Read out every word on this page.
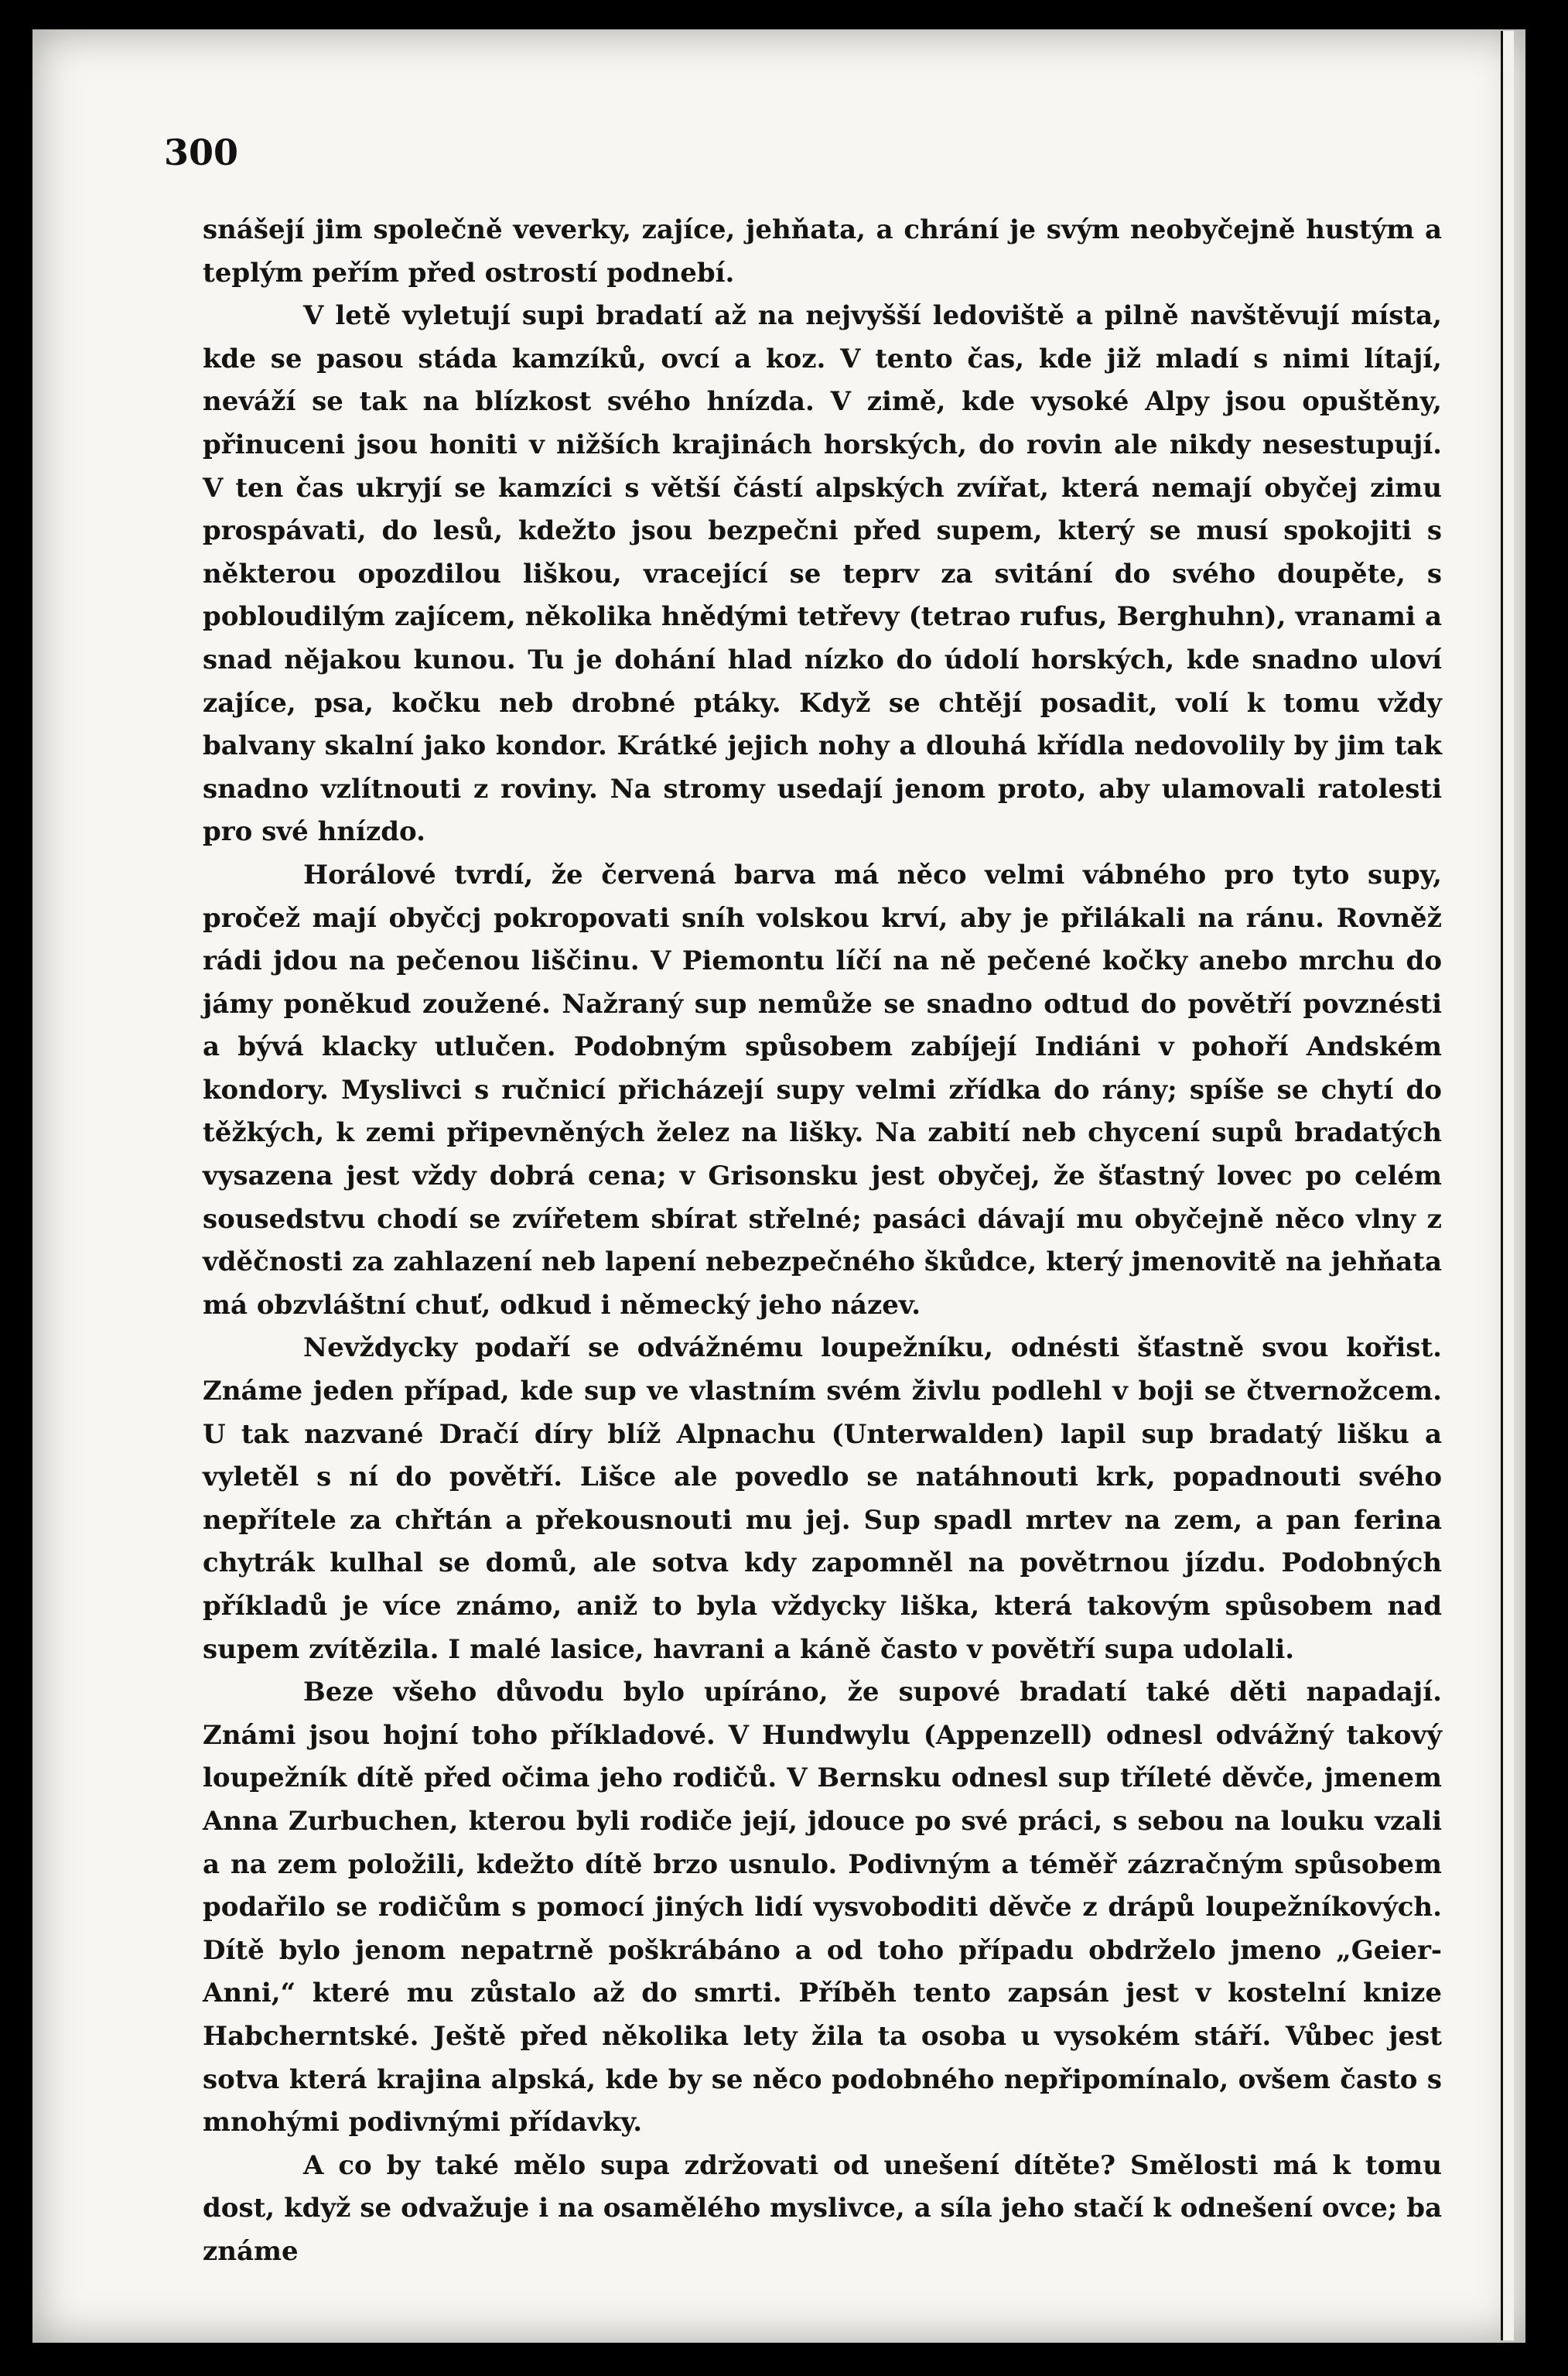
300

snášejí jim společně veverky, zajíce, jehňata, a chrání je svým neobyčejně hustým a teplým peřím před ostrostí podnebí.

V letě vyletují supi bradatí až na nejvyšší ledoviště a pilně navštěvují místa, kde se pasou stáda kamzíků, ovcí a koz. V tento čas, kde již mladí s nimi lítají, neváží se tak na blízkost svého hnízda. V zimě, kde vysoké Alpy jsou opuštěny, přinuceni jsou honiti v nižších krajinách horských, do rovin ale nikdy nesestupují. V ten čas ukryjí se kamzíci s větší částí alpských zvířat, která nemají obyčej zimu prospávati, do lesů, kdežto jsou bezpečni před supem, který se musí spokojiti s některou opozdilou liškou, vracející se teprv za svitání do svého doupěte, s pobloudilým zajícem, několika hnědými tetřevy (tetrao rufus, Berghuhn), vranami a snad nějakou kunou. Tu je dohání hlad nízko do údolí horských, kde snadno uloví zajíce, psa, kočku neb drobné ptáky. Když se chtějí posadit, volí k tomu vždy balvany skalní jako kondor. Krátké jejich nohy a dlouhá křídla nedovolily by jim tak snadno vzlítnouti z roviny. Na stromy usedají jenom proto, aby ulamovali ratolesti pro své hnízdo.

Horálové tvrdí, že červená barva má něco velmi vábného pro tyto supy, pročež mají obyčcj pokropovati sníh volskou krví, aby je přilákali na ránu. Rovněž rádi jdou na pečenou liščinu. V Piemontu líčí na ně pečené kočky anebo mrchu do jámy poněkud zoužené. Nažraný sup nemůže se snadno odtud do povětří povznésti a bývá klacky utlučen. Podobným spůsobem zabíjejí Indiáni v pohoří Andském kondory. Myslivci s ručnicí přicházejí supy velmi zřídka do rány; spíše se chytí do těžkých, k zemi připevněných želez na lišky. Na zabití neb chycení supů bradatých vysazena jest vždy dobrá cena; v Grisonsku jest obyčej, že šťastný lovec po celém sousedstvu chodí se zvířetem sbírat střelné; pasáci dávají mu obyčejně něco vlny z vděčnosti za zahlazení neb lapení nebezpečného škůdce, který jmenovitě na jehňata má obzvláštní chuť, odkud i německý jeho název.

Nevždycky podaří se odvážnému loupežníku, odnésti šťastně svou kořist. Známe jeden případ, kde sup ve vlastním svém živlu podlehl v boji se čtvernožcem. U tak nazvané Dračí díry blíž Alpnachu (Unterwalden) lapil sup bradatý lišku a vyletěl s ní do povětří. Lišce ale povedlo se natáhnouti krk, popadnouti svého nepřítele za chřtán a překousnouti mu jej. Sup spadl mrtev na zem, a pan ferina chytrák kulhal se domů, ale sotva kdy zapomněl na povětrnou jízdu. Podobných příkladů je více známo, aniž to byla vždycky liška, která takovým spůsobem nad supem zvítězila. I malé lasice, havrani a káně často v povětří supa udolali.

Beze všeho důvodu bylo upíráno, že supové bradatí také děti napadají. Známi jsou hojní toho příkladové. V Hundwylu (Appenzell) odnesl odvážný takový loupežník dítě před očima jeho rodičů. V Bernsku odnesl sup tříleté děvče, jmenem Anna Zurbuchen, kterou byli rodiče její, jdouce po své práci, s sebou na louku vzali a na zem položili, kdežto dítě brzo usnulo. Podivným a téměř zázračným spůsobem podařilo se rodičům s pomocí jiných lidí vysvoboditi děvče z drápů loupežníkových. Dítě bylo jenom nepatrně poškrábáno a od toho případu obdrželo jmeno „Geier-Anni,“ které mu zůstalo až do smrti. Příběh tento zapsán jest v kostelní knize Habcherntské. Ještě před několika lety žila ta osoba u vysokém stáří. Vůbec jest sotva která krajina alpská, kde by se něco podobného nepřipomínalo, ovšem často s mnohými podivnými přídavky.

A co by také mělo supa zdržovati od unešení dítěte? Smělosti má k tomu dost, když se odvažuje i na osamělého myslivce, a síla jeho stačí k odnešení ovce; ba známe
